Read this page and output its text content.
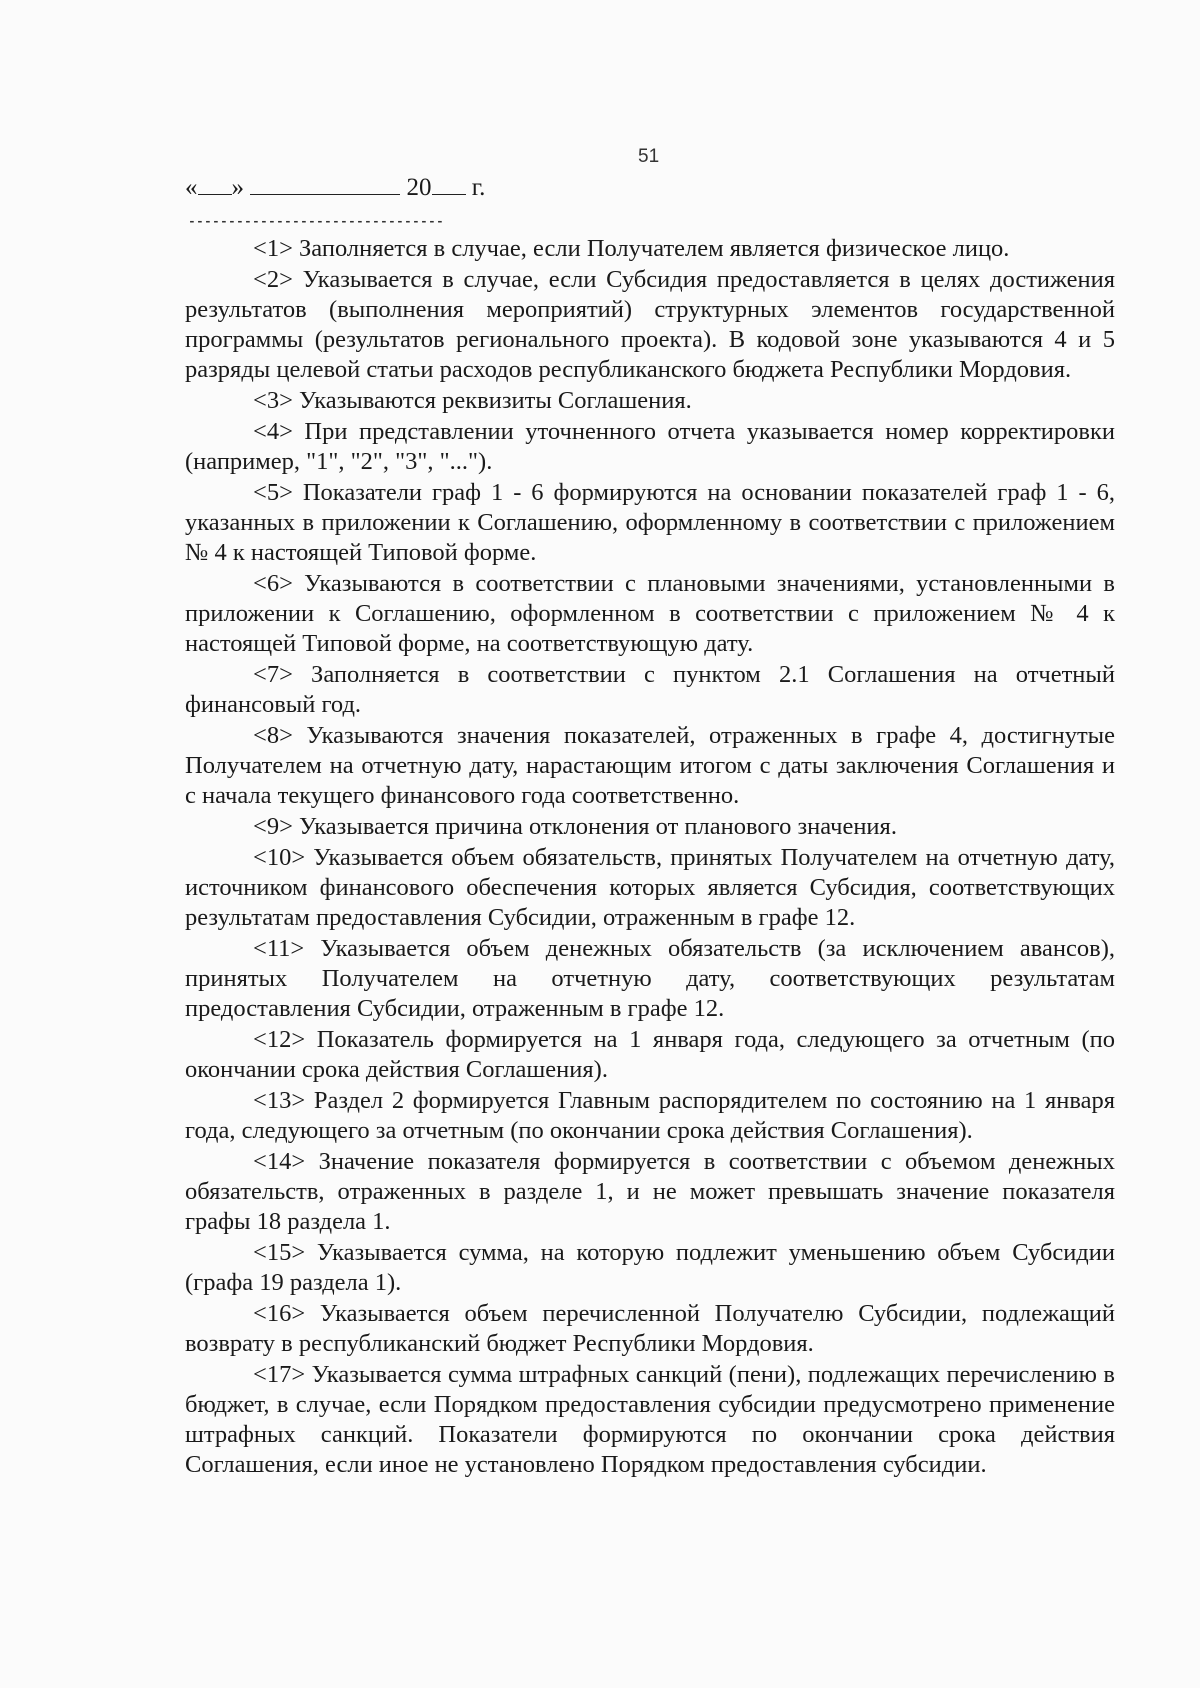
51
« »	20 г.
--------------------------------

<1> Заполняется в случае, если Получателем является физическое лицо.

<2> Указывается в случае, если Субсидия предоставляется в целях достижения результатов (выполнения мероприятий) структурных элементов государственной программы (результатов регионального проекта). В кодовой зоне указываются 4 и 5 разряды целевой статьи расходов республиканского бюджета Республики Мордовия.

<3> Указываются реквизиты Соглашения.

<4> При представлении уточненного отчета указывается номер корректировки (например, "1", "2", "3", "...").

<5> Показатели граф 1 - 6 формируются на основании показателей граф 1 - 6, указанных в приложении к Соглашению, оформленному в соответствии с приложением № 4 к настоящей Типовой форме.

<6> Указываются в соответствии с плановыми значениями, установленными в приложении к Соглашению, оформленном в соответствии с приложением № 4 к настоящей Типовой форме, на соответствующую дату.

<7> Заполняется в соответствии с пунктом 2.1 Соглашения на отчетный финансовый год.

<8> Указываются значения показателей, отраженных в графе 4, достигнутые Получателем на отчетную дату, нарастающим итогом с даты заключения Соглашения и с начала текущего финансового года соответственно.

<9> Указывается причина отклонения от планового значения.

<10> Указывается объем обязательств, принятых Получателем на отчетную дату, источником финансового обеспечения которых является Субсидия, соответствующих результатам предоставления Субсидии, отраженным в графе 12.

<11> Указывается объем денежных обязательств (за исключением авансов), принятых Получателем на отчетную дату, соответствующих результатам предоставления Субсидии, отраженным в графе 12.

<12> Показатель формируется на 1 января года, следующего за отчетным (по окончании срока действия Соглашения).

<13> Раздел 2 формируется Главным распорядителем по состоянию на 1 января года, следующего за отчетным (по окончании срока действия Соглашения).

<14> Значение показателя формируется в соответствии с объемом денежных обязательств, отраженных в разделе 1, и не может превышать значение показателя графы 18 раздела 1.

<15> Указывается сумма, на которую подлежит уменьшению объем Субсидии (графа 19 раздела 1).

<16> Указывается объем перечисленной Получателю Субсидии, подлежащий возврату в республиканский бюджет Республики Мордовия.

<17> Указывается сумма штрафных санкций (пени), подлежащих перечислению в бюджет, в случае, если Порядком предоставления субсидии предусмотрено применение штрафных санкций. Показатели формируются по окончании срока действия Соглашения, если иное не установлено Порядком предоставления субсидии.
